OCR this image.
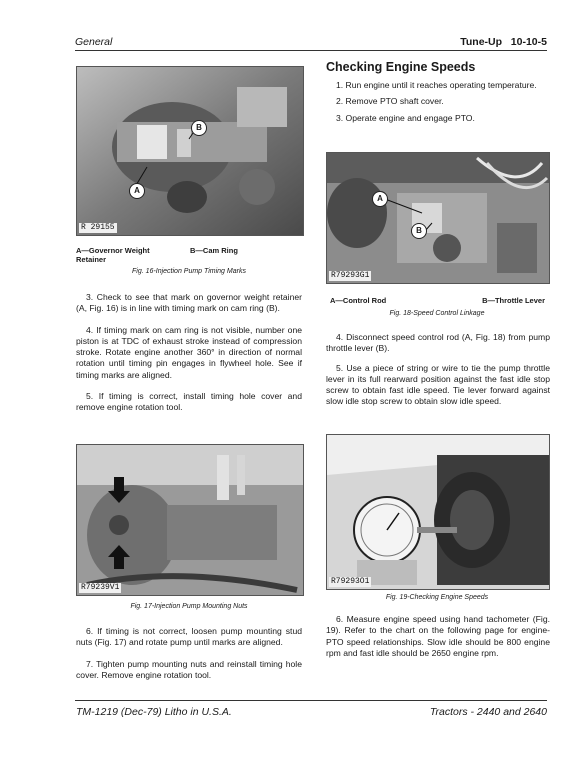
General	Tune-Up 10-10-5
B
A
R 29155
A—Governor Weight Retainer
B—Cam Ring
Fig. 16-Injection Pump Timing Marks

3. Check to see that mark on governor weight retainer (A, Fig. 16) is in line with timing mark on cam ring (B).

4. If timing mark on cam ring is not visible, number one piston is at TDC of exhaust stroke instead of compression stroke. Rotate engine another 360° in direction of normal rotation until timing pin engages in flywheel hole. See if timing marks are aligned.

5. If timing is correct, install timing hole cover and remove engine rotation tool.

R79239V1
Fig. 17-Injection Pump Mounting Nuts

6. If timing is not correct, loosen pump mounting stud nuts (Fig. 17) and rotate pump until marks are aligned.

7. Tighten pump mounting nuts and reinstall timing hole cover. Remove engine rotation tool.

Checking Engine Speeds

1. Run engine until it reaches operating temperature.

2. Remove PTO shaft cover.

3. Operate engine and engage PTO.

A
B
R79293G1
A—Control Rod	B—Throttle Lever
Fig. 18-Speed Control Linkage

4. Disconnect speed control rod (A, Fig. 18) from pump throttle lever (B).

5. Use a piece of string or wire to tie the pump throttle lever in its full rearward position against the fast idle stop screw to obtain fast idle speed. Tie lever forward against slow idle stop screw to obtain slow idle speed.

R79293O1
Fig. 19-Checking Engine Speeds

6. Measure engine speed using hand tachometer (Fig. 19). Refer to the chart on the following page for engine-PTO speed relationships. Slow idle should be 800 engine rpm and fast idle should be 2650 engine rpm.

TM-1219 (Dec-79) Litho in U.S.A.	Tractors - 2440 and 2640
